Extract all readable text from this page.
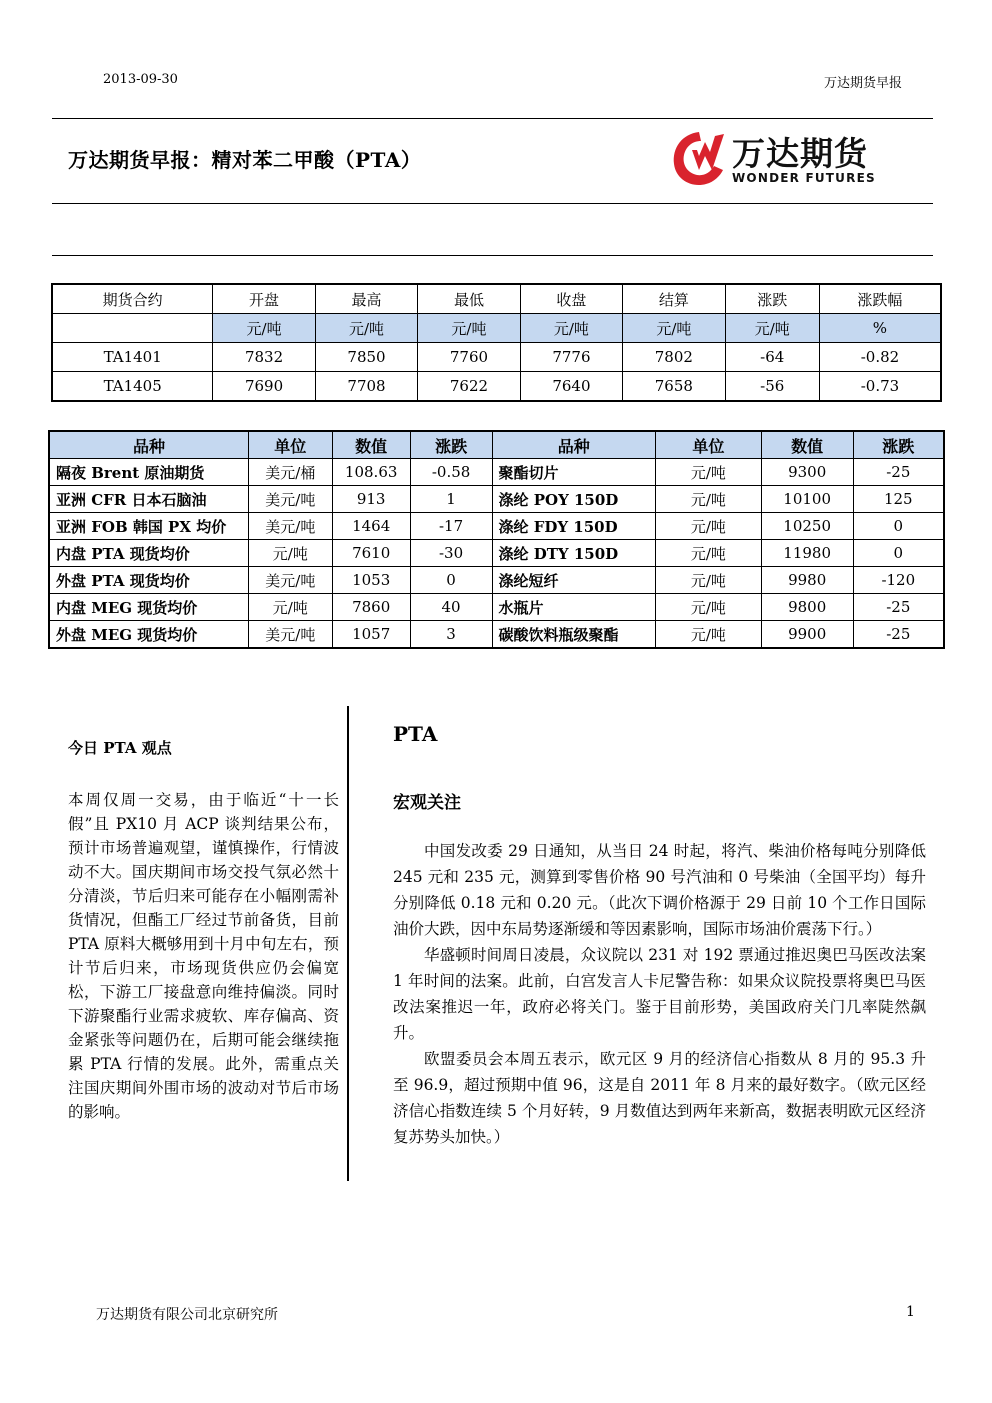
2013-09-30	万达期货早报
万达期货早报：精对苯二甲酸（PTA）	万达期货
WONDER FUTURES
期货合约	开盘	最高	最低	收盘	结算	涨跌	涨跌幅
	元/吨	元/吨	元/吨	元/吨	元/吨	元/吨	%
TA1401	7832	7850	7760	7776	7802	-64	-0.82
TA1405	7690	7708	7622	7640	7658	-56	-0.73
品种	单位	数值	涨跌	品种	单位	数值	涨跌
隔夜 Brent 原油期货	美元/桶	108.63	-0.58	聚酯切片	元/吨	9300	-25
亚洲 CFR 日本石脑油	美元/吨	913	1	涤纶 POY 150D	元/吨	10100	125
亚洲 FOB 韩国 PX 均价	美元/吨	1464	-17	涤纶 FDY 150D	元/吨	10250	0
内盘 PTA 现货均价	元/吨	7610	-30	涤纶 DTY 150D	元/吨	11980	0
外盘 PTA 现货均价	美元/吨	1053	0	涤纶短纤	元/吨	9980	-120
内盘 MEG 现货均价	元/吨	7860	40	水瓶片	元/吨	9800	-25
外盘 MEG 现货均价	美元/吨	1057	3	碳酸饮料瓶级聚酯	元/吨	9900	-25
今日 PTA 观点
本周仅周一交易，由于临近“十一长假”且 PX10 月 ACP 谈判结果公布，预计市场普遍观望，谨慎操作，行情波动不大。国庆期间市场交投气氛必然十分清淡，节后归来可能存在小幅刚需补货情况，但酯工厂经过节前备货，目前 PTA 原料大概够用到十月中旬左右，预计节后归来，市场现货供应仍会偏宽松，下游工厂接盘意向维持偏淡。同时下游聚酯行业需求疲软、库存偏高、资金紧张等问题仍在，后期可能会继续拖累 PTA 行情的发展。此外，需重点关注国庆期间外围市场的波动对节后市场的影响。
PTA
宏观关注

中国发改委 29 日通知，从当日 24 时起，将汽、柴油价格每吨分别降低 245 元和 235 元，测算到零售价格 90 号汽油和 0 号柴油（全国平均）每升分别降低 0.18 元和 0.20 元。（此次下调价格源于 29 日前 10 个工作日国际油价大跌，因中东局势逐渐缓和等因素影响，国际市场油价震荡下行。）

华盛顿时间周日凌晨，众议院以 231 对 192 票通过推迟奥巴马医改法案 1 年时间的法案。此前，白宫发言人卡尼警告称：如果众议院投票将奥巴马医改法案推迟一年，政府必将关门。鉴于目前形势，美国政府关门几率陡然飙升。

欧盟委员会本周五表示，欧元区 9 月的经济信心指数从 8 月的 95.3 升至 96.9，超过预期中值 96，这是自 2011 年 8 月来的最好数字。（欧元区经济信心指数连续 5 个月好转，9 月数值达到两年来新高，数据表明欧元区经济复苏势头加快。）

万达期货有限公司北京研究所	1
